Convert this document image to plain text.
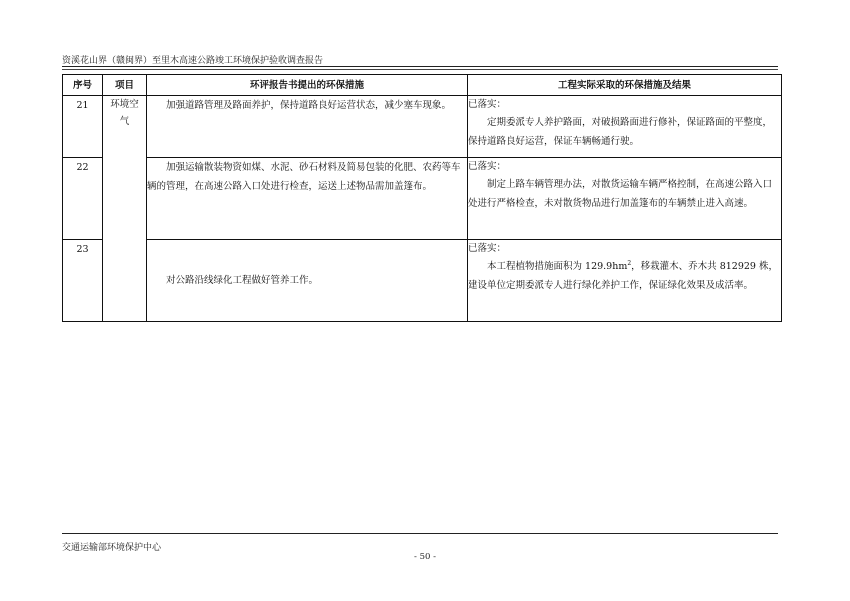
资溪花山界（赣闽界）至里木高速公路竣工环境保护验收调查报告
序号	项目	环评报告书提出的环保措施	工程实际采取的环保措施及结果
21	环境空气	加强道路管理及路面养护，保持道路良好运营状态，减少塞车现象。	已落实：

定期委派专人养护路面，对破损路面进行修补，保证路面的平整度，保持道路良好运营，保证车辆畅通行驶。

22		加强运输散装物资如煤、水泥、砂石材料及简易包装的化肥、农药等车辆的管理，在高速公路入口处进行检查，运送上述物品需加盖篷布。	已落实：

制定上路车辆管理办法，对散货运输车辆严格控制，在高速公路入口处进行严格检查，未对散货物品进行加盖篷布的车辆禁止进入高速。

23		对公路沿线绿化工程做好管养工作。	已落实：

本工程植物措施面积为 $129.9hm^2$，移栽灌木、乔木共 812929 株，建设单位定期委派专人进行绿化养护工作，保证绿化效果及成活率。

交通运输部环境保护中心
- 50 -
